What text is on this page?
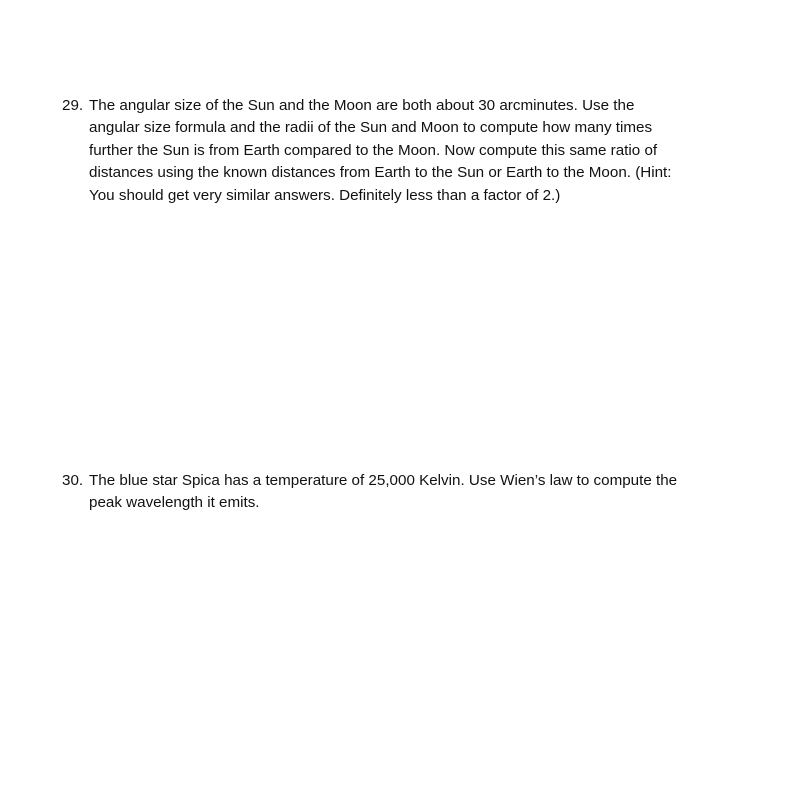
29. The angular size of the Sun and the Moon are both about 30 arcminutes. Use the
angular size formula and the radii of the Sun and Moon to compute how many times
further the Sun is from Earth compared to the Moon. Now compute this same ratio of
distances using the known distances from Earth to the Sun or Earth to the Moon. (Hint:
You should get very similar answers. Definitely less than a factor of 2.)
30. The blue star Spica has a temperature of 25,000 Kelvin. Use Wien’s law to compute the
peak wavelength it emits.
